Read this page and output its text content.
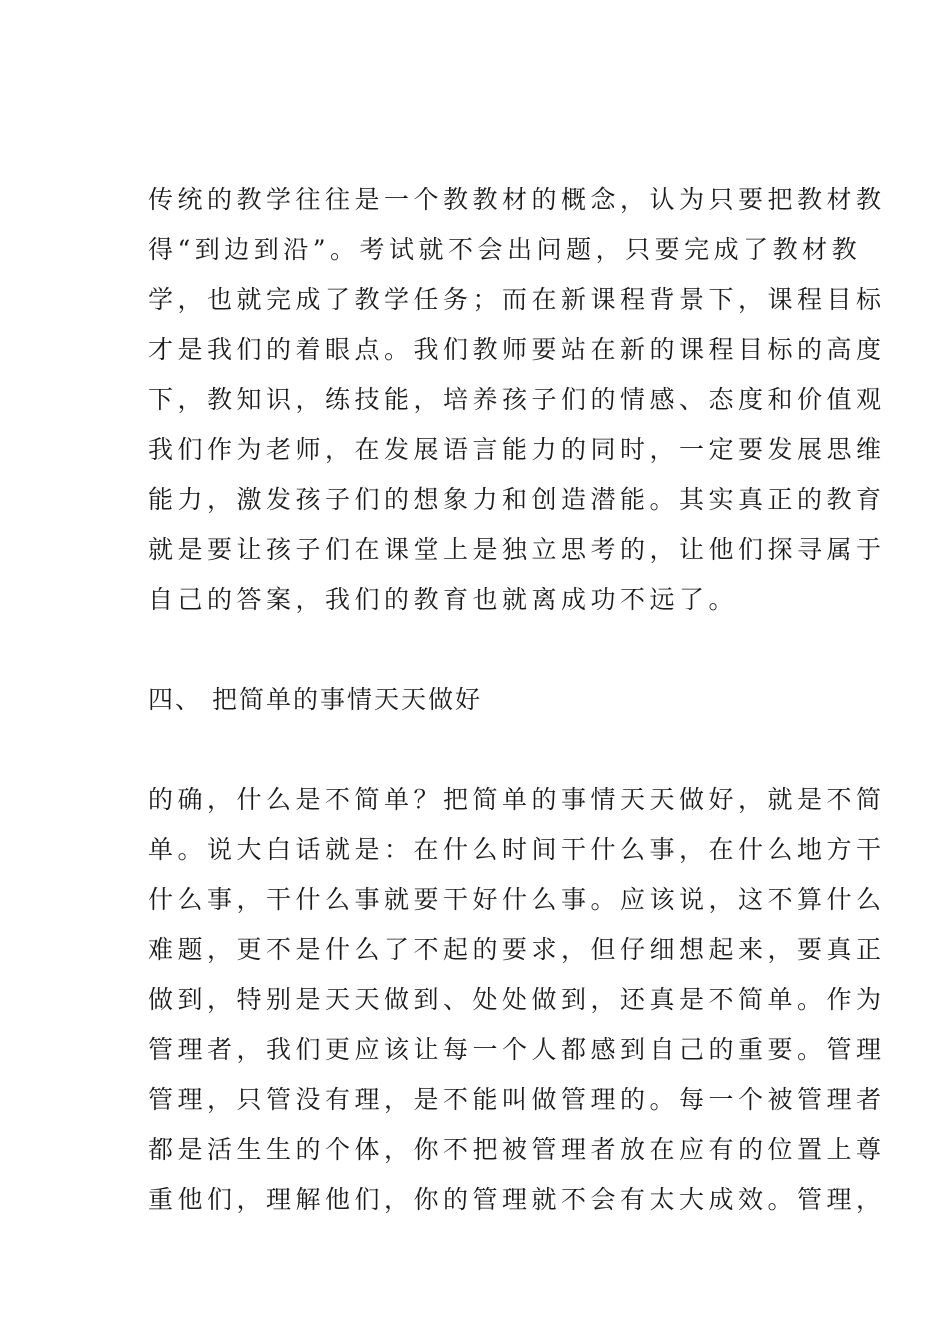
传统的教学往往是一个教教材的概念，认为只要把教材教
得“到边到沿”。考试就不会出问题，只要完成了教材教
学，也就完成了教学任务；而在新课程背景下，课程目标
才是我们的着眼点。我们教师要站在新的课程目标的高度
下，教知识，练技能，培养孩子们的情感、态度和价值观
我们作为老师，在发展语言能力的同时，一定要发展思维
能力，激发孩子们的想象力和创造潜能。其实真正的教育
就是要让孩子们在课堂上是独立思考的，让他们探寻属于
自己的答案，我们的教育也就离成功不远了。
四、 把简单的事情天天做好
的确，什么是不简单？把简单的事情天天做好，就是不简
单。说大白话就是：在什么时间干什么事，在什么地方干
什么事，干什么事就要干好什么事。应该说，这不算什么
难题，更不是什么了不起的要求，但仔细想起来，要真正
做到，特别是天天做到、处处做到，还真是不简单。作为
管理者，我们更应该让每一个人都感到自己的重要。管理
管理，只管没有理，是不能叫做管理的。每一个被管理者
都是活生生的个体，你不把被管理者放在应有的位置上尊
重他们，理解他们，你的管理就不会有太大成效。管理，
